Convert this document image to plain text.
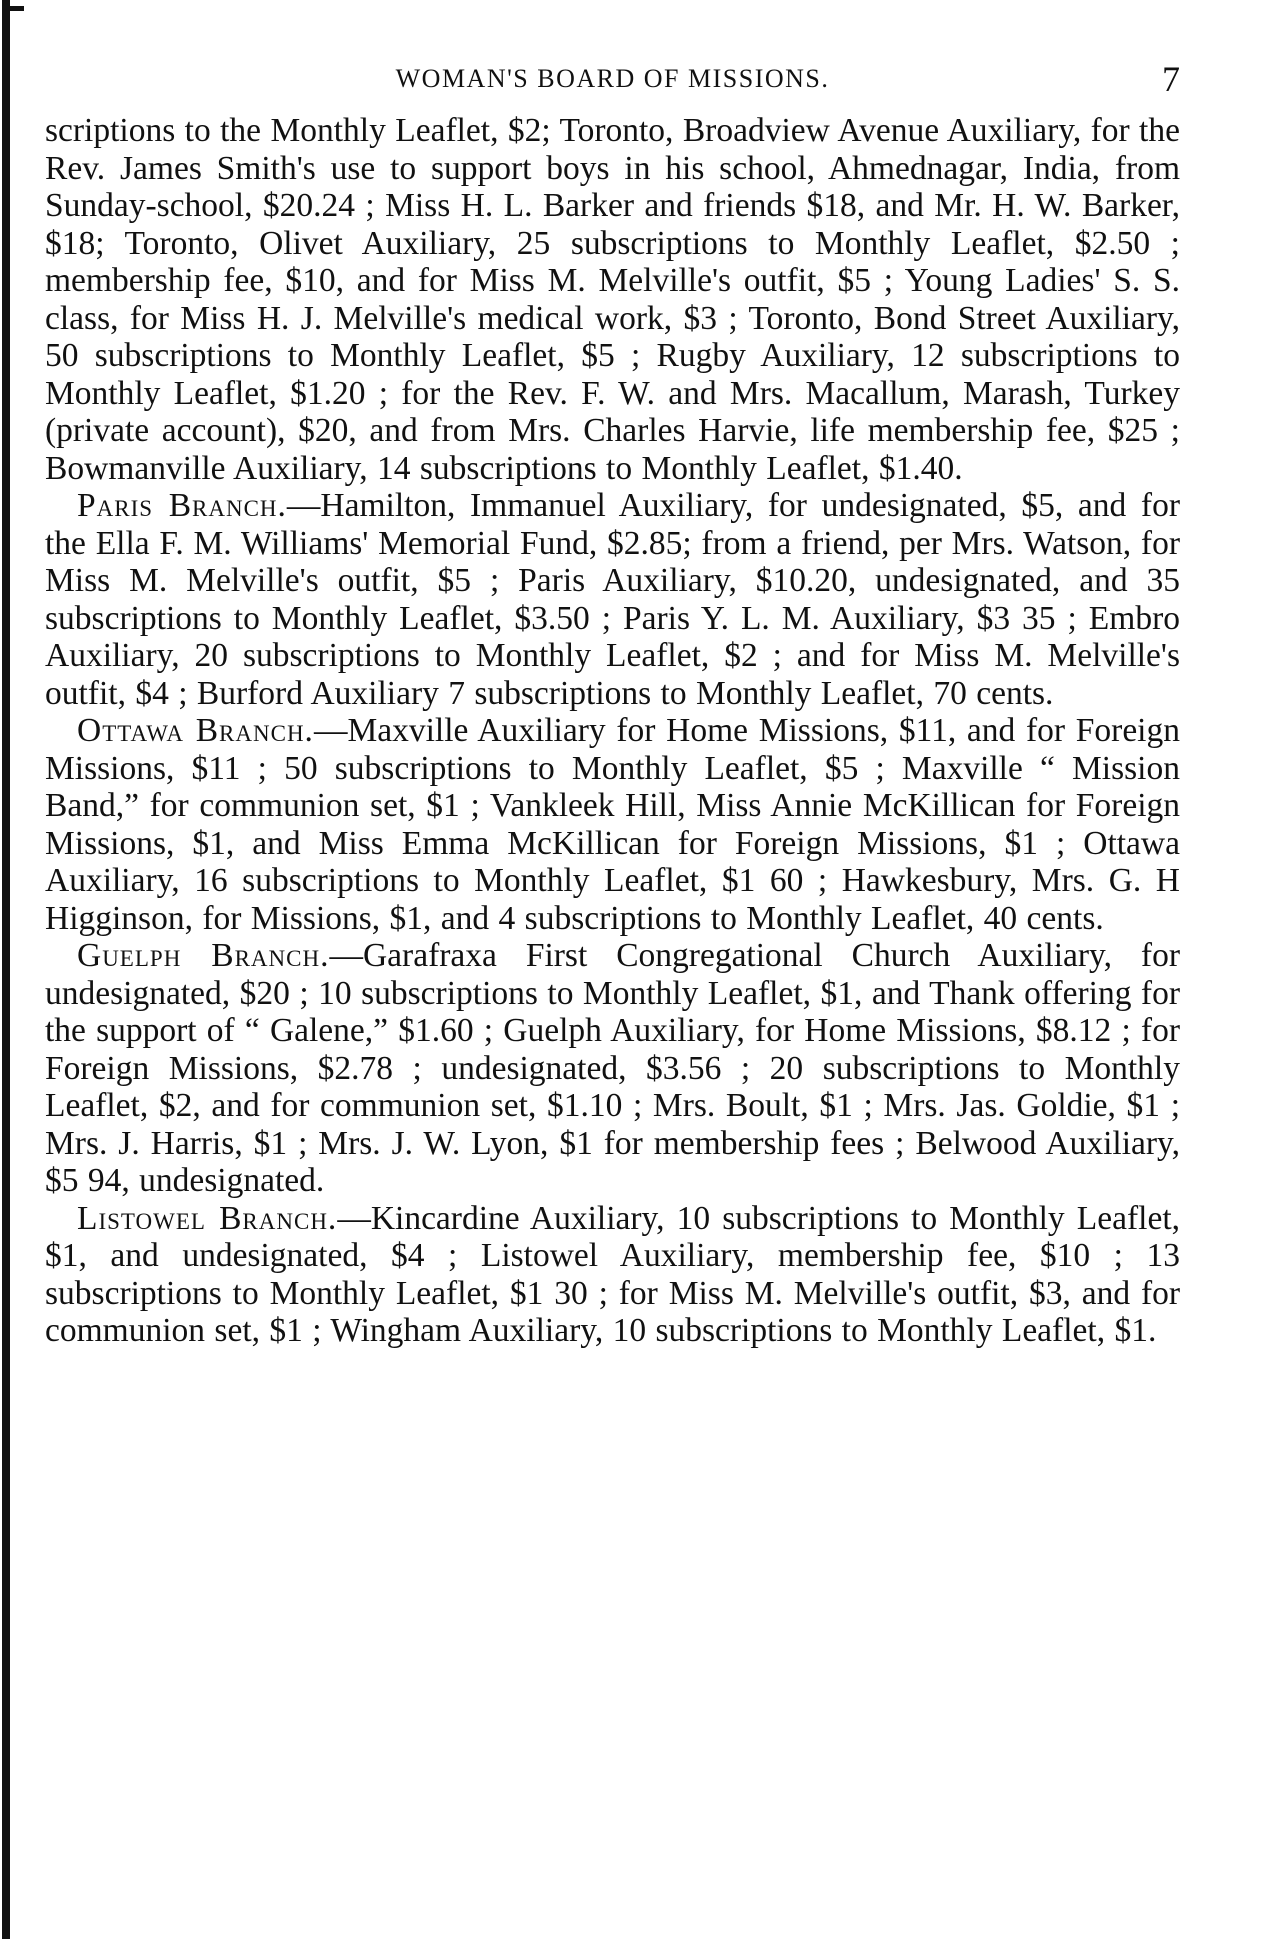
WOMAN'S BOARD OF MISSIONS.	7

scriptions to the Monthly Leaflet, $2; Toronto, Broadview Avenue Auxiliary, for the Rev. James Smith's use to support boys in his school, Ahmednagar, India, from Sunday-school, $20.24 ; Miss H. L. Barker and friends $18, and Mr. H. W. Barker, $18; Toronto, Olivet Auxiliary, 25 subscriptions to Monthly Leaflet, $2.50 ; membership fee, $10, and for Miss M. Melville's outfit, $5 ; Young Ladies' S. S. class, for Miss H. J. Melville's medical work, $3 ; Toronto, Bond Street Auxiliary, 50 subscriptions to Monthly Leaflet, $5 ; Rugby Auxiliary, 12 subscriptions to Monthly Leaflet, $1.20 ; for the Rev. F. W. and Mrs. Macallum, Marash, Turkey (private account), $20, and from Mrs. Charles Harvie, life membership fee, $25 ; Bowmanville Auxiliary, 14 subscriptions to Monthly Leaflet, $1.40.

Paris Branch.—Hamilton, Immanuel Auxiliary, for undesignated, $5, and for the Ella F. M. Williams' Memorial Fund, $2.85; from a friend, per Mrs. Watson, for Miss M. Melville's outfit, $5 ; Paris Auxiliary, $10.20, undesignated, and 35 subscriptions to Monthly Leaflet, $3.50 ; Paris Y. L. M. Auxiliary, $3 35 ; Embro Auxiliary, 20 subscriptions to Monthly Leaflet, $2 ; and for Miss M. Melville's outfit, $4 ; Burford Auxiliary 7 subscriptions to Monthly Leaflet, 70 cents.

Ottawa Branch.—Maxville Auxiliary for Home Missions, $11, and for Foreign Missions, $11 ; 50 subscriptions to Monthly Leaflet, $5 ; Maxville “ Mission Band,” for communion set, $1 ; Vankleek Hill, Miss Annie McKillican for Foreign Missions, $1, and Miss Emma McKillican for Foreign Missions, $1 ; Ottawa Auxiliary, 16 subscriptions to Monthly Leaflet, $1 60 ; Hawkesbury, Mrs. G. H Higginson, for Missions, $1, and 4 subscriptions to Monthly Leaflet, 40 cents.

Guelph Branch.—Garafraxa First Congregational Church Auxiliary, for undesignated, $20 ; 10 subscriptions to Monthly Leaflet, $1, and Thank offering for the support of “ Galene,” $1.60 ; Guelph Auxiliary, for Home Missions, $8.12 ; for Foreign Missions, $2.78 ; undesignated, $3.56 ; 20 subscriptions to Monthly Leaflet, $2, and for communion set, $1.10 ; Mrs. Boult, $1 ; Mrs. Jas. Goldie, $1 ; Mrs. J. Harris, $1 ; Mrs. J. W. Lyon, $1 for membership fees ; Belwood Auxiliary, $5 94, undesignated.

Listowel Branch.—Kincardine Auxiliary, 10 subscriptions to Monthly Leaflet, $1, and undesignated, $4 ; Listowel Auxiliary, membership fee, $10 ; 13 subscriptions to Monthly Leaflet, $1 30 ; for Miss M. Melville's outfit, $3, and for communion set, $1 ; Wingham Auxiliary, 10 subscriptions to Monthly Leaflet, $1.
